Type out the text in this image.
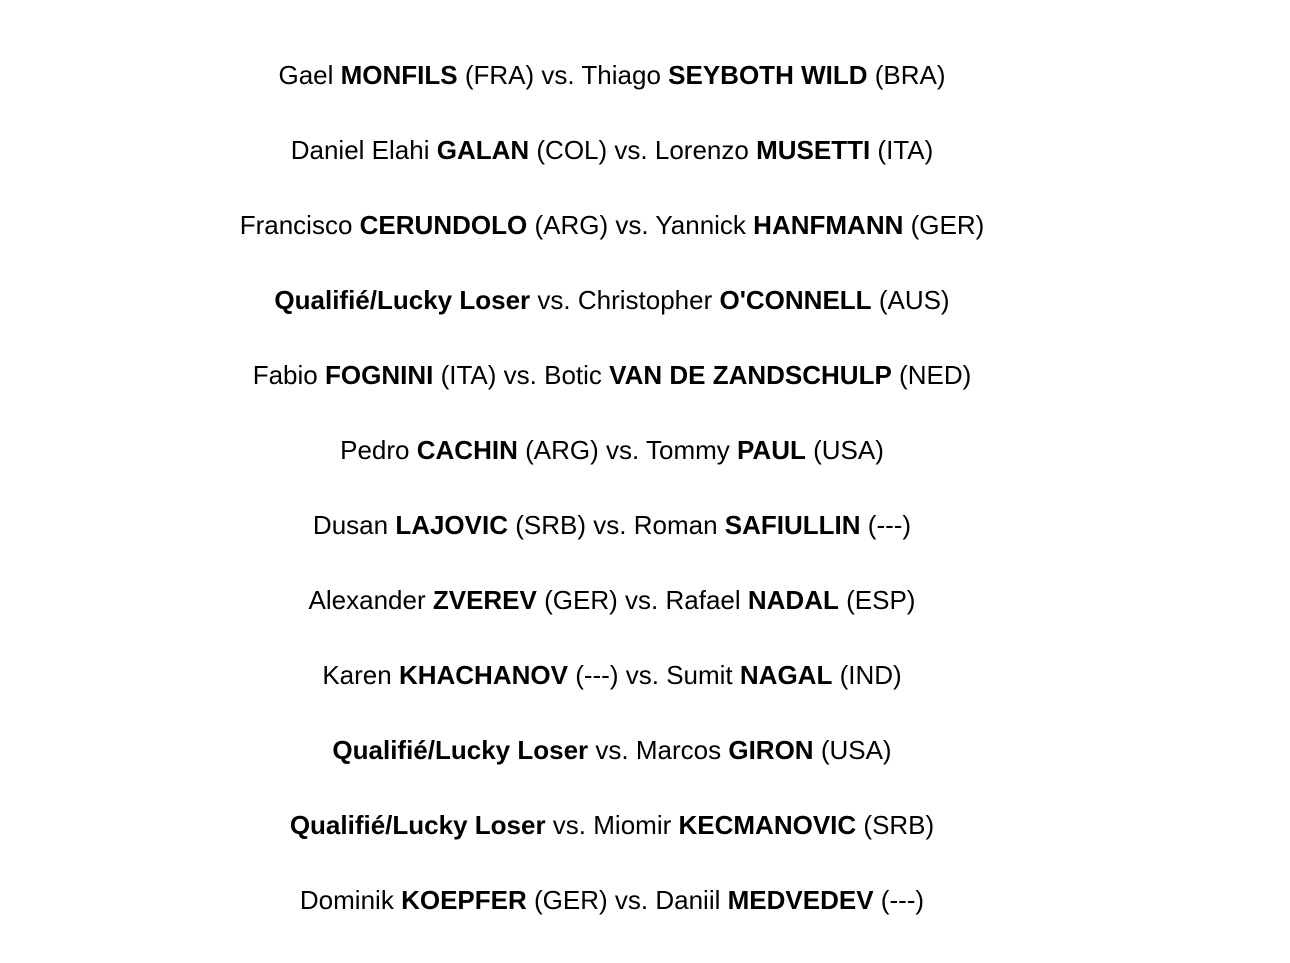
Gael MONFILS (FRA) vs. Thiago SEYBOTH WILD (BRA)
Daniel Elahi GALAN (COL) vs. Lorenzo MUSETTI (ITA)
Francisco CERUNDOLO (ARG) vs. Yannick HANFMANN (GER)
Qualifié/Lucky Loser vs. Christopher O'CONNELL (AUS)
Fabio FOGNINI (ITA) vs. Botic VAN DE ZANDSCHULP (NED)
Pedro CACHIN (ARG) vs. Tommy PAUL (USA)
Dusan LAJOVIC (SRB) vs. Roman SAFIULLIN (---)
Alexander ZVEREV (GER) vs. Rafael NADAL (ESP)
Karen KHACHANOV (---) vs. Sumit NAGAL (IND)
Qualifié/Lucky Loser vs. Marcos GIRON (USA)
Qualifié/Lucky Loser vs. Miomir KECMANOVIC (SRB)
Dominik KOEPFER (GER) vs. Daniil MEDVEDEV (---)
